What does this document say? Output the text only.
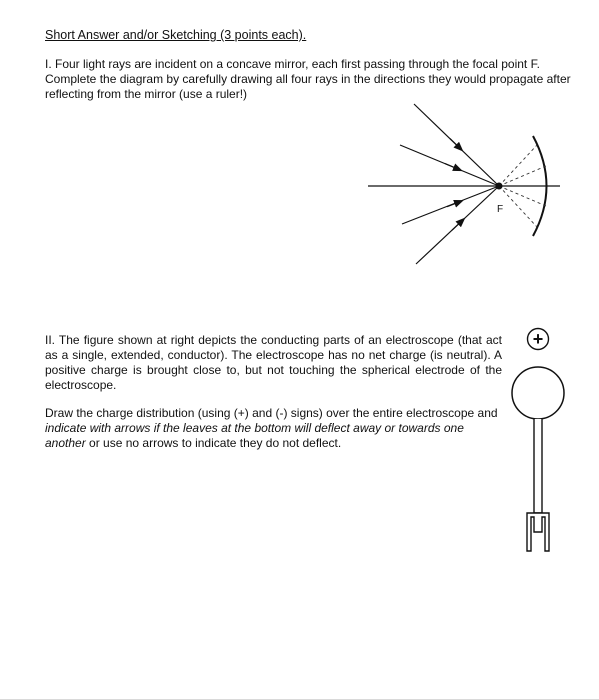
Short Answer and/or Sketching (3 points each).
I. Four light rays are incident on a concave mirror, each first passing through the focal point F. Complete the diagram by carefully drawing all four rays in the directions they would propagate after reflecting from the mirror (use a ruler!)
F
+
II. The figure shown at right depicts the conducting parts of an electroscope (that act as a single, extended, conductor). The electroscope has no net charge (is neutral). A positive charge is brought close to, but not touching the spherical electrode of the electroscope.
Draw the charge distribution (using (+) and (-) signs) over the entire electroscope and indicate with arrows if the leaves at the bottom will deflect away or towards one another or use no arrows to indicate they do not deflect.
